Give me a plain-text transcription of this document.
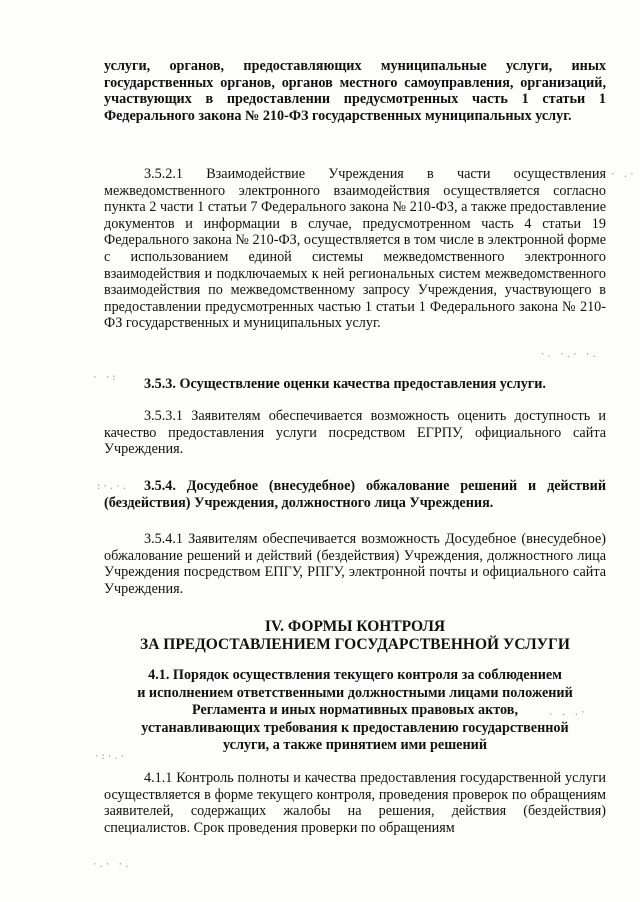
· .·
· ·:
·. ·.· ·.
:·.·.
·:·.·
·.· ·.
. . .·

услуги, органов, предоставляющих муниципальные услуги, иных государственных органов, органов местного самоуправления, организаций, участвующих в предоставлении предусмотренных часть 1 статьи 1 Федерального закона № 210-ФЗ государственных муниципальных услуг.

3.5.2.1 Взаимодействие Учреждения в части осуществления межведомственного электронного взаимодействия осуществляется согласно пункта 2 части 1 статьи 7 Федерального закона № 210-ФЗ, а также предоставление документов и информации в случае, предусмотренном часть 4 статьи 19 Федерального закона № 210-ФЗ, осуществляется в том числе в электронной форме с использованием единой системы межведомственного электронного взаимодействия и подключаемых к ней региональных систем межведомственного взаимодействия по межведомственному запросу Учреждения, участвующего в предоставлении предусмотренных частью 1 статьи 1 Федерального закона № 210-ФЗ государственных и муниципальных услуг.

3.5.3. Осуществление оценки качества предоставления услуги.

3.5.3.1 Заявителям обеспечивается возможность оценить доступность и качество предоставления услуги посредством ЕГРПУ, официального сайта Учреждения.

3.5.4. Досудебное (внесудебное) обжалование решений и действий (бездействия) Учреждения, должностного лица Учреждения.

3.5.4.1 Заявителям обеспечивается возможность Досудебное (внесудебное) обжалование решений и действий (бездействия) Учреждения, должностного лица Учреждения посредством ЕПГУ, РПГУ, электронной почты и официального сайта Учреждения.

IV. ФОРМЫ КОНТРОЛЯ
ЗА ПРЕДОСТАВЛЕНИЕМ ГОСУДАРСТВЕННОЙ УСЛУГИ
4.1. Порядок осуществления текущего контроля за соблюдением
и исполнением ответственными должностными лицами положений
Регламента и иных нормативных правовых актов,
устанавливающих требования к предоставлению государственной
услуги, а также принятием ими решений

4.1.1 Контроль полноты и качества предоставления государственной услуги осуществляется в форме текущего контроля, проведения проверок по обращениям заявителей, содержащих жалобы на решения, действия (бездействия) специалистов. Срок проведения проверки по обращениям
